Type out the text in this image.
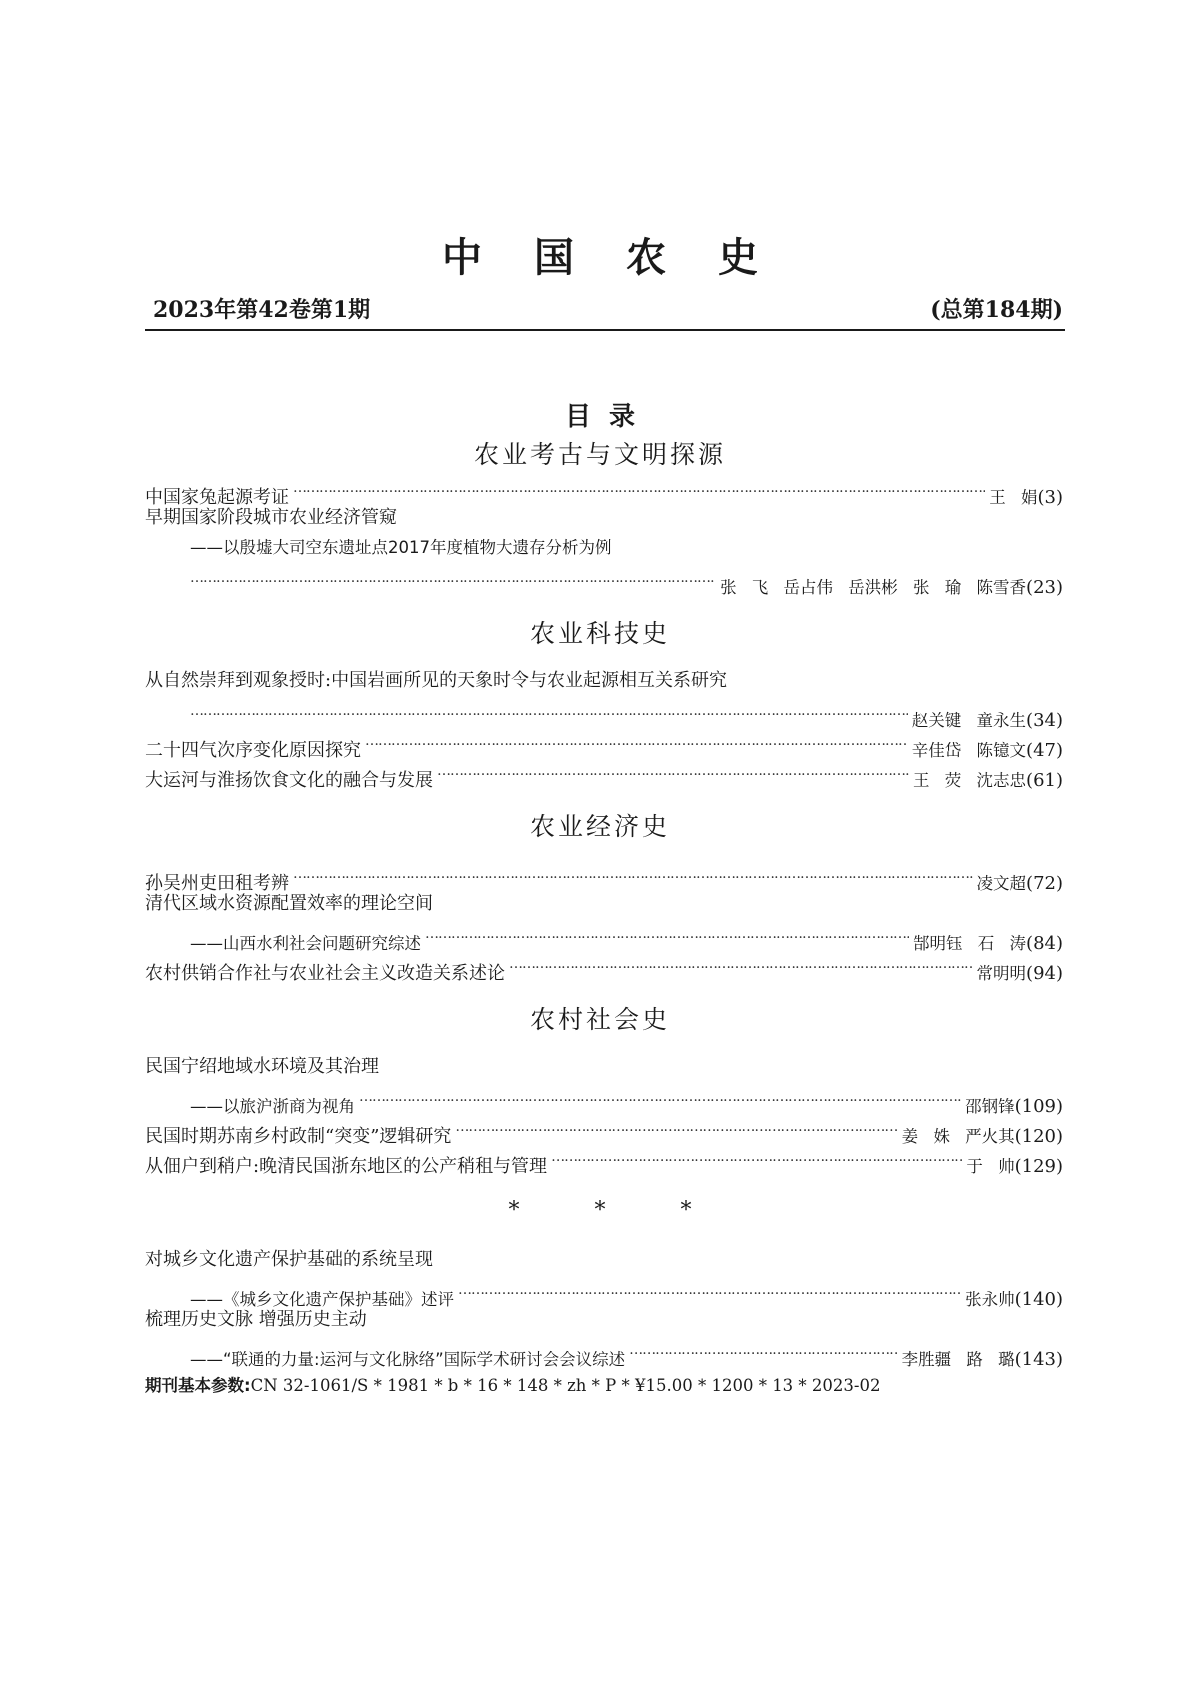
中国农史
2023年第42卷第1期	(总第184期)
目录
农业考古与文明探源
中国家兔起源考证 ……………………………………………………………………………………………………………………………………………………………………………………………………………	王 娟 (3)
早期国家阶段城市农业经济管窥
——以殷墟大司空东遗址点2017年度植物大遗存分析为例
……………………………………………………………………………………………………………………………………………………………………………………………………………
张 飞 岳占伟 岳洪彬 张 瑜 陈雪香 (23)
农业科技史
从自然崇拜到观象授时:中国岩画所见的天象时令与农业起源相互关系研究
……………………………………………………………………………………………………………………………………………………………………………………………………………
赵关键 童永生 (34)
二十四气次序变化原因探究 ……………………………………………………………………………………………………………………………………………………………………………………………………………	辛佳岱 陈镱文 (47)
大运河与淮扬饮食文化的融合与发展 ……………………………………………………………………………………………………………………………………………………………………………………………………………	王 荧 沈志忠 (61)
农业经济史
孙吴州吏田租考辨 ……………………………………………………………………………………………………………………………………………………………………………………………………………	凌文超 (72)
清代区域水资源配置效率的理论空间
——山西水利社会问题研究综述 ……………………………………………………………………………………………………………………………………………………………………………………………………………	郜明钰 石 涛 (84)
农村供销合作社与农业社会主义改造关系述论 ……………………………………………………………………………………………………………………………………………………………………………………………………………	常明明 (94)
农村社会史
民国宁绍地域水环境及其治理
——以旅沪浙商为视角 ……………………………………………………………………………………………………………………………………………………………………………………………………………	邵钢锋 (109)
民国时期苏南乡村政制“突变”逻辑研究 ……………………………………………………………………………………………………………………………………………………………………………………………………………	姜 姝 严火其 (120)
从佃户到稍户:晚清民国浙东地区的公产稍租与管理 ……………………………………………………………………………………………………………………………………………………………………………………………………………	于 帅 (129)
* * *
对城乡文化遗产保护基础的系统呈现
——《城乡文化遗产保护基础》述评 ……………………………………………………………………………………………………………………………………………………………………………………………………………	张永帅 (140)
梳理历史文脉 增强历史主动
——“联通的力量:运河与文化脉络”国际学术研讨会会议综述 ……………………………………………………………………………………………………………………………………………………………………………………………………………	李胜疆 路 璐 (143)
期刊基本参数:CN 32-1061/S * 1981 * b * 16 * 148 * zh * P * ¥15.00 * 1200 * 13 * 2023-02
